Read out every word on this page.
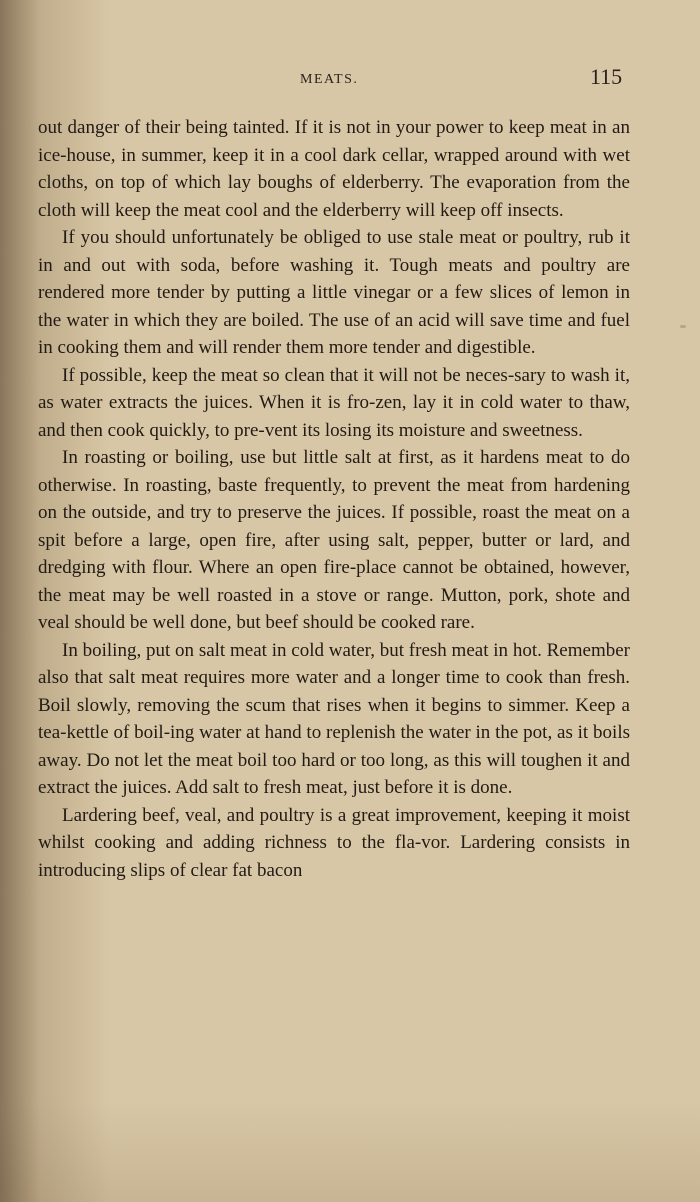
MEATS.	115

out danger of their being tainted. If it is not in your power to keep meat in an ice-house, in summer, keep it in a cool dark cellar, wrapped around with wet cloths, on top of which lay boughs of elderberry. The evaporation from the cloth will keep the meat cool and the elderberry will keep off insects.

If you should unfortunately be obliged to use stale meat or poultry, rub it in and out with soda, before washing it. Tough meats and poultry are rendered more tender by putting a little vinegar or a few slices of lemon in the water in which they are boiled. The use of an acid will save time and fuel in cooking them and will render them more tender and digestible.

If possible, keep the meat so clean that it will not be neces-sary to wash it, as water extracts the juices. When it is fro-zen, lay it in cold water to thaw, and then cook quickly, to pre-vent its losing its moisture and sweetness.

In roasting or boiling, use but little salt at first, as it hardens meat to do otherwise. In roasting, baste frequently, to prevent the meat from hardening on the outside, and try to preserve the juices. If possible, roast the meat on a spit before a large, open fire, after using salt, pepper, butter or lard, and dredging with flour. Where an open fire-place cannot be obtained, however, the meat may be well roasted in a stove or range. Mutton, pork, shote and veal should be well done, but beef should be cooked rare.

In boiling, put on salt meat in cold water, but fresh meat in hot. Remember also that salt meat requires more water and a longer time to cook than fresh. Boil slowly, removing the scum that rises when it begins to simmer. Keep a tea-kettle of boil-ing water at hand to replenish the water in the pot, as it boils away. Do not let the meat boil too hard or too long, as this will toughen it and extract the juices. Add salt to fresh meat, just before it is done.

Lardering beef, veal, and poultry is a great improvement, keeping it moist whilst cooking and adding richness to the fla-vor. Lardering consists in introducing slips of clear fat bacon
